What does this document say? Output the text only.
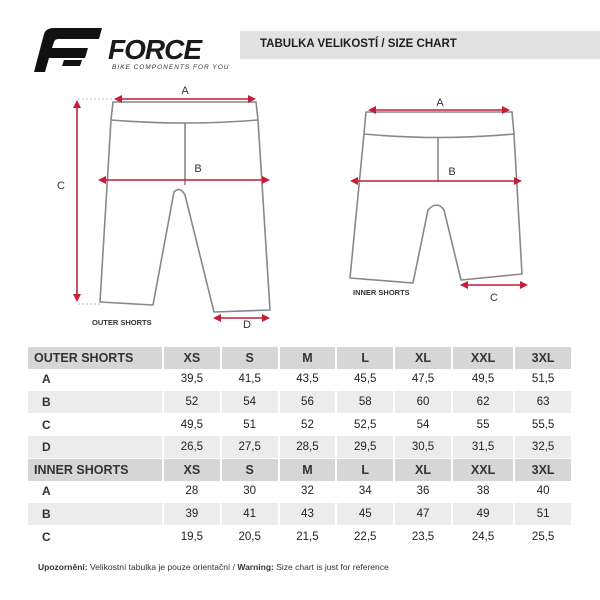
FORCE
BIKE COMPONENTS FOR YOU
TABULKA VELIKOSTÍ / SIZE CHART
A
B
C
D
OUTER SHORTS
A
B
C
INNER SHORTS
OUTER SHORTS	XS	S	M	L	XL	XXL	3XL
A	39,5	41,5	43,5	45,5	47,5	49,5	51,5
B	52	54	56	58	60	62	63
C	49,5	51	52	52,5	54	55	55,5
D	26,5	27,5	28,5	29,5	30,5	31,5	32,5
INNER SHORTS	XS	S	M	L	XL	XXL	3XL
A	28	30	32	34	36	38	40
B	39	41	43	45	47	49	51
C	19,5	20,5	21,5	22,5	23,5	24,5	25,5
Upozornění: Velikostní tabulka je pouze orientační / Warning: Size chart is just for reference
